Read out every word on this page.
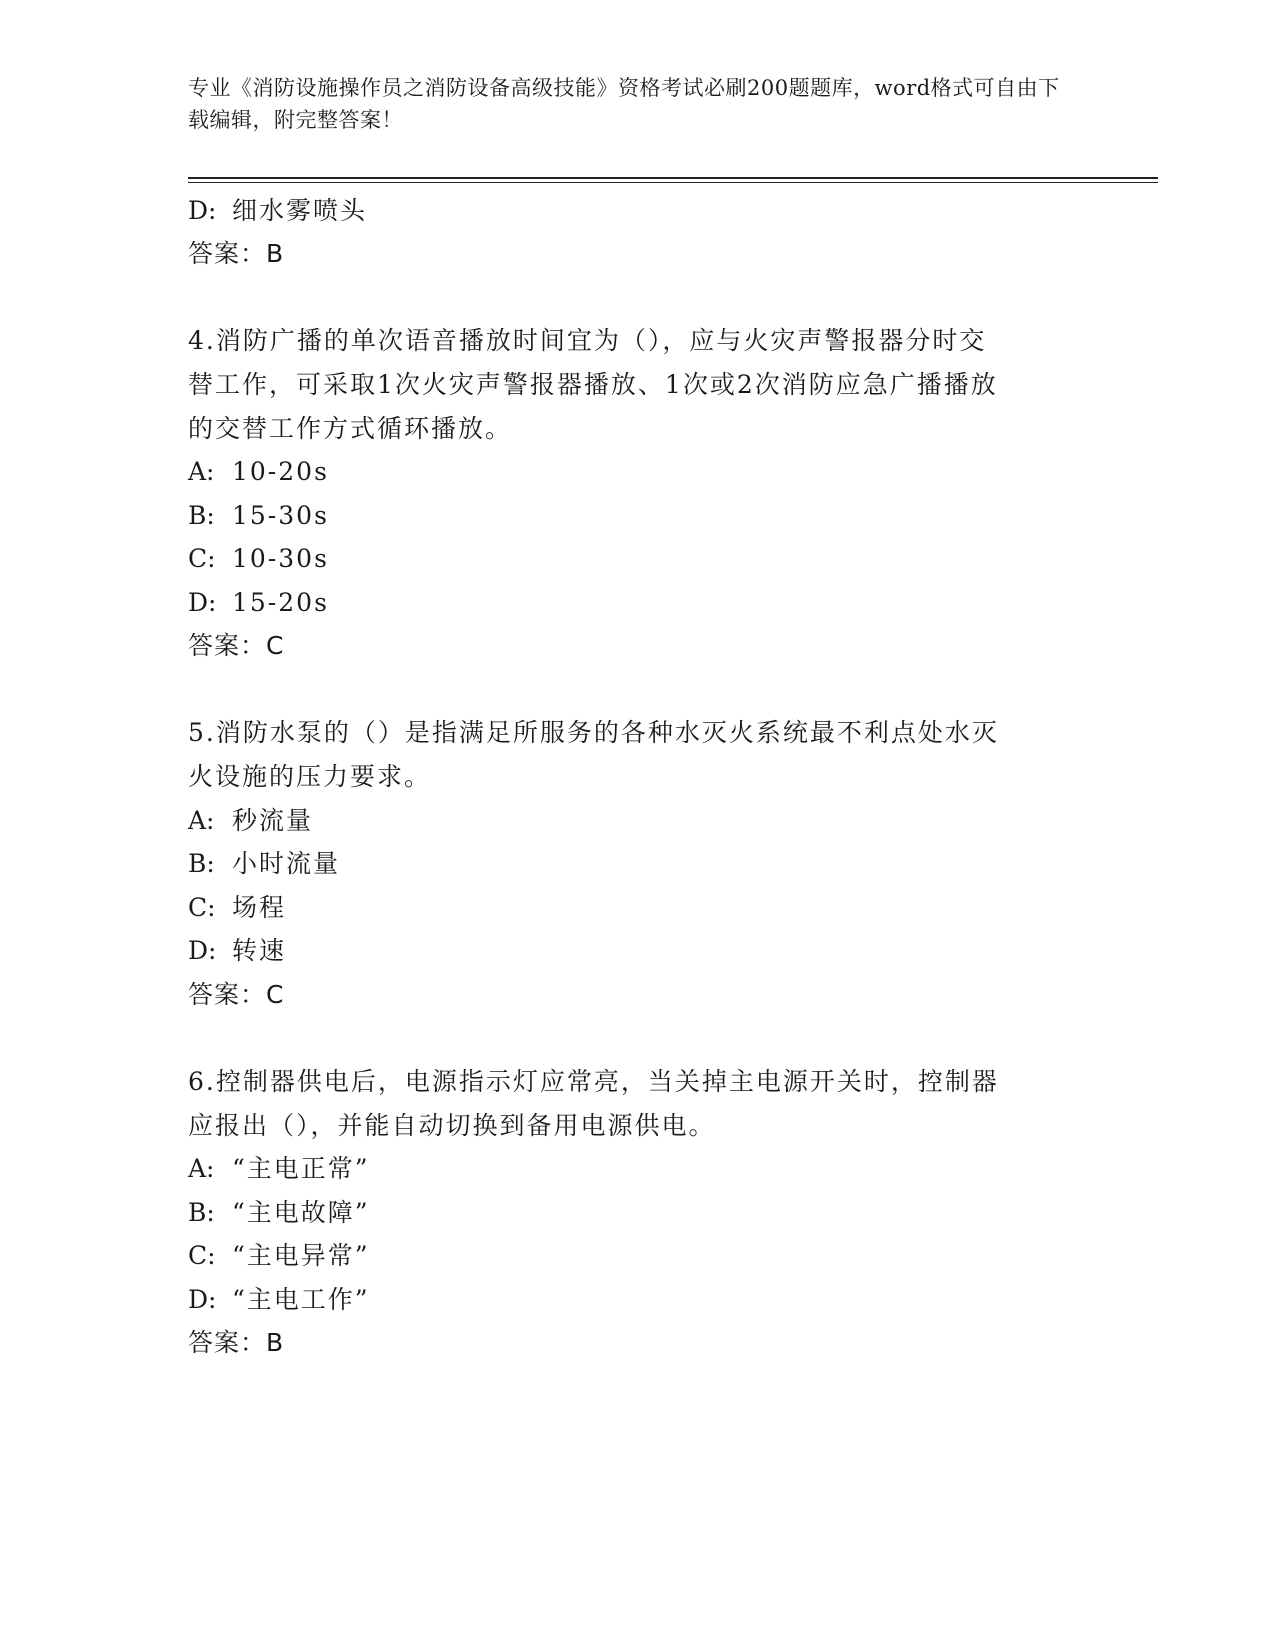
专业《消防设施操作员之消防设备高级技能》资格考试必刷200题题库，word格式可自由下载编辑，附完整答案！
D: 细水雾喷头
答案：B
4.消防广播的单次语音播放时间宜为（），应与火灾声警报器分时交
替工作，可采取1次火灾声警报器播放、1次或2次消防应急广播播放
的交替工作方式循环播放。
A: 10-20s
B: 15-30s
C: 10-30s
D: 15-20s
答案：C
5.消防水泵的（）是指满足所服务的各种水灭火系统最不利点处水灭
火设施的压力要求。
A: 秒流量
B: 小时流量
C: 场程
D: 转速
答案：C
6.控制器供电后，电源指示灯应常亮，当关掉主电源开关时，控制器
应报出（），并能自动切换到备用电源供电。
A: “主电正常”
B: “主电故障”
C: “主电异常”
D: “主电工作”
答案：B
